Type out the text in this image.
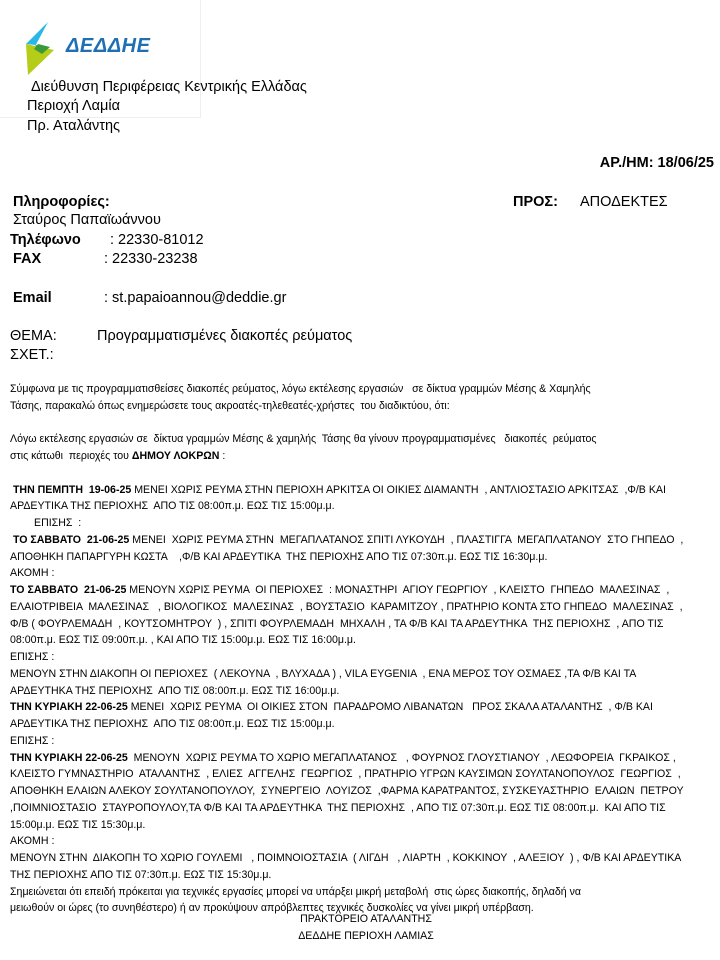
ΔΕΔΔΗΕ
Διεύθυνση Περιφέρειας Κεντρικής Ελλάδας
Περιοχή Λαμία
Πρ. Αταλάντης
ΑΡ./ΗΜ: 18/06/25
Πληροφορίες:
Σταύρος Παπαϊωάννου
Τηλέφωνο : 22330-81012
FAX	: 22330-23238
Email	: st.papaioannou@deddie.gr
ΠΡΟΣ: ΑΠΟΔΕΚΤΕΣ
ΘΕΜΑ:	Προγραμματισμένες διακοπές ρεύματος
ΣΧΕΤ.:
Σύμφωνα με τις προγραμματισθείσες διακοπές ρεύματος, λόγω εκτέλεσης εργασιών   σε δίκτυα γραμμών Μέσης & Χαμηλής
Τάσης, παρακαλώ όπως ενημερώσετε τους ακροατές-τηλεθεατές-χρήστες  του διαδικτύου, ότι:
Λόγω εκτέλεσης εργασιών σε  δίκτυα γραμμών Μέσης & χαμηλής  Τάσης θα γίνουν προγραμματισμένες   διακοπές  ρεύματος
στις κάτωθι  περιοχές του ΔΗΜΟΥ ΛΟΚΡΩΝ :
ΤΗΝ ΠΕΜΠΤΗ  19-06-25 ΜΕΝΕΙ ΧΩΡΙΣ ΡΕΥΜΑ ΣΤΗΝ ΠΕΡΙΟΧΗ ΑΡΚΙΤΣΑ ΟΙ ΟΙΚΙΕΣ ΔΙΑΜΑΝΤΗ  , ΑΝΤΛΙΟΣΤΑΣΙΟ ΑΡΚΙΤΣΑΣ  ,Φ/Β ΚΑΙ
ΑΡΔΕΥΤΙΚΑ ΤΗΣ ΠΕΡΙΟΧΗΣ  ΑΠΟ ΤΙΣ 08:00π.μ. ΕΩΣ ΤΙΣ 15:00μ.μ.
ΕΠΙΣΗΣ  :
ΤΟ ΣΑΒΒΑΤΟ  21-06-25 ΜΕΝΕΙ  ΧΩΡΙΣ ΡΕΥΜΑ ΣΤΗΝ  ΜΕΓΑΠΛΑΤΑΝΟΣ ΣΠΙΤΙ ΛΥΚΟΥΔΗ  , ΠΛΑΣΤΙΓΓΑ  ΜΕΓΑΠΛΑΤΑΝΟΥ  ΣΤΟ ΓΗΠΕΔΟ  ,
ΑΠΟΘΗΚΗ ΠΑΠΑΡΓΥΡΗ ΚΩΣΤΑ    ,Φ/Β ΚΑΙ ΑΡΔΕΥΤΙΚΑ  ΤΗΣ ΠΕΡΙΟΧΗΣ ΑΠΟ ΤΙΣ 07:30π.μ. ΕΩΣ ΤΙΣ 16:30μ.μ.
ΑΚΟΜΗ :
ΤΟ ΣΑΒΒΑΤΟ  21-06-25 ΜΕΝΟΥΝ ΧΩΡΙΣ ΡΕΥΜΑ  ΟΙ ΠΕΡΙΟΧΕΣ  : ΜΟΝΑΣΤΗΡΙ  ΑΓΙΟΥ ΓΕΩΡΓΙΟΥ  , ΚΛΕΙΣΤΟ  ΓΗΠΕΔΟ  ΜΑΛΕΣΙΝΑΣ  ,
ΕΛΑΙΟΤΡΙΒΕΙΑ  ΜΑΛΕΣΙΝΑΣ   , ΒΙΟΛΟΓΙΚΟΣ  ΜΑΛΕΣΙΝΑΣ  , ΒΟΥΣΤΑΣΙΟ  ΚΑΡΑΜΙΤΖΟΥ , ΠΡΑΤΗΡΙΟ ΚΟΝΤΑ ΣΤΟ ΓΗΠΕΔΟ  ΜΑΛΕΣΙΝΑΣ  ,
Φ/Β ( ΦΟΥΡΛΕΜΑΔΗ  , ΚΟΥΤΣΟΜΗΤΡΟΥ  ) , ΣΠΙΤΙ ΦΟΥΡΛΕΜΑΔΗ  ΜΗΧΑΛΗ , ΤΑ Φ/Β ΚΑΙ ΤΑ ΑΡΔΕΥΤΗΚΑ  ΤΗΣ ΠΕΡΙΟΧΗΣ  , ΑΠΟ ΤΙΣ
08:00π.μ. ΕΩΣ ΤΙΣ 09:00π.μ. , ΚΑΙ ΑΠΟ ΤΙΣ 15:00μ.μ. ΕΩΣ ΤΙΣ 16:00μ.μ.
ΕΠΙΣΗΣ :
ΜΕΝΟΥΝ ΣΤΗΝ ΔΙΑΚΟΠΗ ΟΙ ΠΕΡΙΟΧΕΣ  ( ΛΕΚΟΥΝΑ  , ΒΛΥΧΑΔΑ ) , VILA EYGENIA  , ΕΝΑ ΜΕΡΟΣ ΤΟΥ ΟΣΜΑΕΣ ,ΤΑ Φ/Β ΚΑΙ ΤΑ
ΑΡΔΕΥΤΗΚΑ ΤΗΣ ΠΕΡΙΟΧΗΣ  ΑΠΟ ΤΙΣ 08:00π.μ. ΕΩΣ ΤΙΣ 16:00μ.μ.
ΤΗΝ ΚΥΡΙΑΚΗ 22-06-25 ΜΕΝΕΙ  ΧΩΡΙΣ ΡΕΥΜΑ  ΟΙ ΟΙΚΙΕΣ ΣΤΟΝ  ΠΑΡΑΔΡΟΜΟ ΛΙΒΑΝΑΤΩΝ   ΠΡΟΣ ΣΚΑΛΑ ΑΤΑΛΑΝΤΗΣ  , Φ/Β ΚΑΙ
ΑΡΔΕΥΤΙΚΑ ΤΗΣ ΠΕΡΙΟΧΗΣ  ΑΠΟ ΤΙΣ 08:00π.μ. ΕΩΣ ΤΙΣ 15:00μ.μ.
ΕΠΙΣΗΣ :
ΤΗΝ ΚΥΡΙΑΚΗ 22-06-25  ΜΕΝΟΥΝ  ΧΩΡΙΣ ΡΕΥΜΑ ΤΟ ΧΩΡΙΟ ΜΕΓΑΠΛΑΤΑΝΟΣ   , ΦΟΥΡΝΟΣ ΓΛΟΥΣΤΙΑΝΟΥ  , ΛΕΩΦΟΡΕΙΑ  ΓΚΡΑΙΚΟΣ ,
ΚΛΕΙΣΤΟ ΓΥΜΝΑΣΤΗΡΙΟ  ΑΤΑΛΑΝΤΗΣ  , ΕΛΙΕΣ  ΑΓΓΕΛΗΣ  ΓΕΩΡΓΙΟΣ  , ΠΡΑΤΗΡΙΟ ΥΓΡΩΝ ΚΑΥΣΙΜΩΝ ΣΟΥΛΤΑΝΟΠΟΥΛΟΣ  ΓΕΩΡΓΙΟΣ  ,
ΑΠΟΘΗΚΗ ΕΛΑΙΩΝ ΑΛΕΚΟΥ ΣΟΥΛΤΑΝΟΠΟΥΛΟΥ,  ΣΥΝΕΡΓΕΙΟ  ΛΟΥΙΖΟΣ  ,ΦΑΡΜΑ ΚΑΡΑΤΡΑΝΤΟΣ, ΣΥΣΚΕΥΑΣΤΗΡΙΟ  ΕΛΑΙΩΝ  ΠΕΤΡΟΥ
,ΠΟΙΜΝΙΟΣΤΑΣΙΟ  ΣΤΑΥΡΟΠΟΥΛΟΥ,ΤΑ Φ/Β ΚΑΙ ΤΑ ΑΡΔΕΥΤΗΚΑ  ΤΗΣ ΠΕΡΙΟΧΗΣ  , ΑΠΟ ΤΙΣ 07:30π.μ. ΕΩΣ ΤΙΣ 08:00π.μ.  ΚΑΙ ΑΠΟ ΤΙΣ
15:00μ.μ. ΕΩΣ ΤΙΣ 15:30μ.μ.
ΑΚΟΜΗ :
ΜΕΝΟΥΝ ΣΤΗΝ  ΔΙΑΚΟΠΗ ΤΟ ΧΩΡΙΟ ΓΟΥΛΕΜΙ   , ΠΟΙΜΝΟΙΟΣΤΑΣΙΑ  ( ΛΙΓΔΗ   , ΛΙΑΡΤΗ  , ΚΟΚΚΙΝΟΥ  , ΑΛΕΞΙΟΥ  ) , Φ/Β ΚΑΙ ΑΡΔΕΥΤΙΚΑ
ΤΗΣ ΠΕΡΙΟΧΗΣ ΑΠΟ ΤΙΣ 07:30π.μ. ΕΩΣ ΤΙΣ 15:30μ.μ.
Σημειώνεται ότι επειδή πρόκειται για τεχνικές εργασίες μπορεί να υπάρξει μικρή μεταβολή  στις ώρες διακοπής, δηλαδή να
μειωθούν οι ώρες (το συνηθέστερο) ή αν προκύψουν απρόβλεπτες τεχνικές δυσκολίες να γίνει μικρή υπέρβαση.
ΠΡΑΚΤΟΡΕΙΟ ΑΤΑΛΑΝΤΗΣ
ΔΕΔΔΗΕ ΠΕΡΙΟΧΗ ΛΑΜΙΑΣ
